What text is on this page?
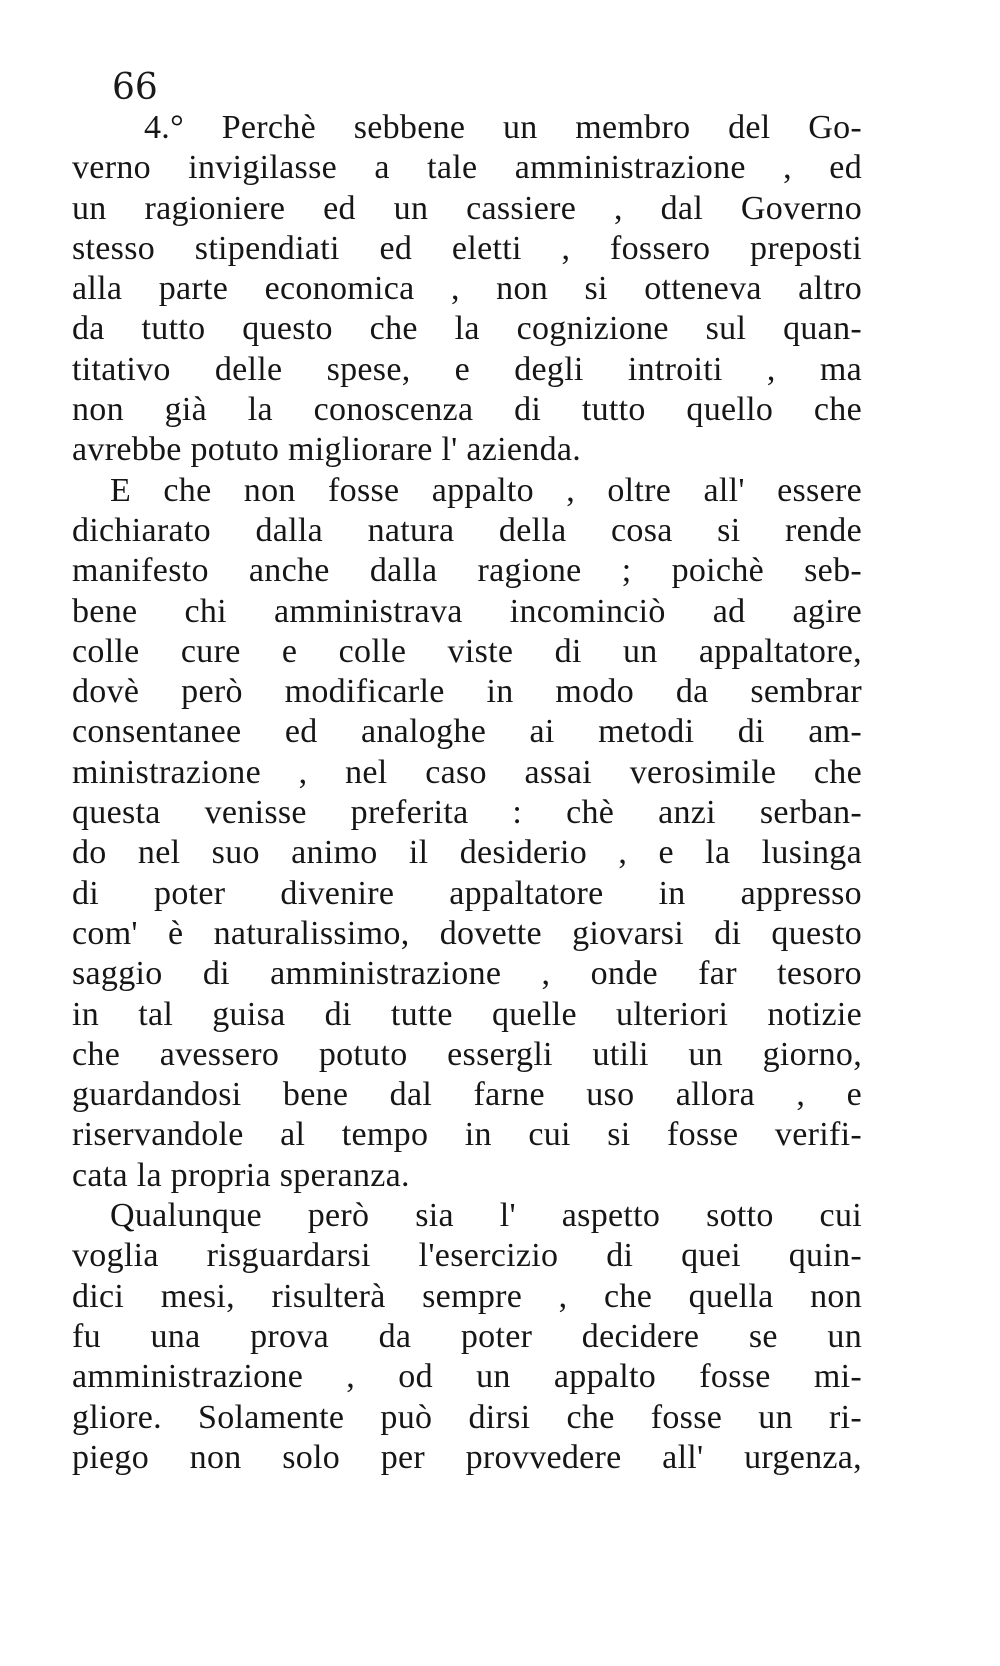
66
4.° Perchè sebbene un membro del Go-
verno invigilasse a tale amministrazione , ed
un ragioniere ed un cassiere , dal Governo
stesso stipendiati ed eletti , fossero preposti
alla parte economica , non si otteneva altro
da tutto questo che la cognizione sul quan-
titativo delle spese, e degli introiti , ma
non già la conoscenza di tutto quello che
avrebbe potuto migliorare l' azienda.
E che non fosse appalto , oltre all' essere
dichiarato dalla natura della cosa si rende
manifesto anche dalla ragione ; poichè seb-
bene chi amministrava incominciò ad agire
colle cure e colle viste di un appaltatore,
dovè però modificarle in modo da sembrar
consentanee ed analoghe ai metodi di am-
ministrazione , nel caso assai verosimile che
questa venisse preferita : chè anzi serban-
do nel suo animo il desiderio , e la lusinga
di poter divenire appaltatore in appresso
com' è naturalissimo, dovette giovarsi di questo
saggio di amministrazione , onde far tesoro
in tal guisa di tutte quelle ulteriori notizie
che avessero potuto essergli utili un giorno,
guardandosi bene dal farne uso allora , e
riservandole al tempo in cui si fosse verifi-
cata la propria speranza.
Qualunque però sia l' aspetto sotto cui
voglia risguardarsi l'esercizio di quei quin-
dici mesi, risulterà sempre , che quella non
fu una prova da poter decidere se un
amministrazione , od un appalto fosse mi-
gliore. Solamente può dirsi che fosse un ri-
piego non solo per provvedere all' urgenza,
